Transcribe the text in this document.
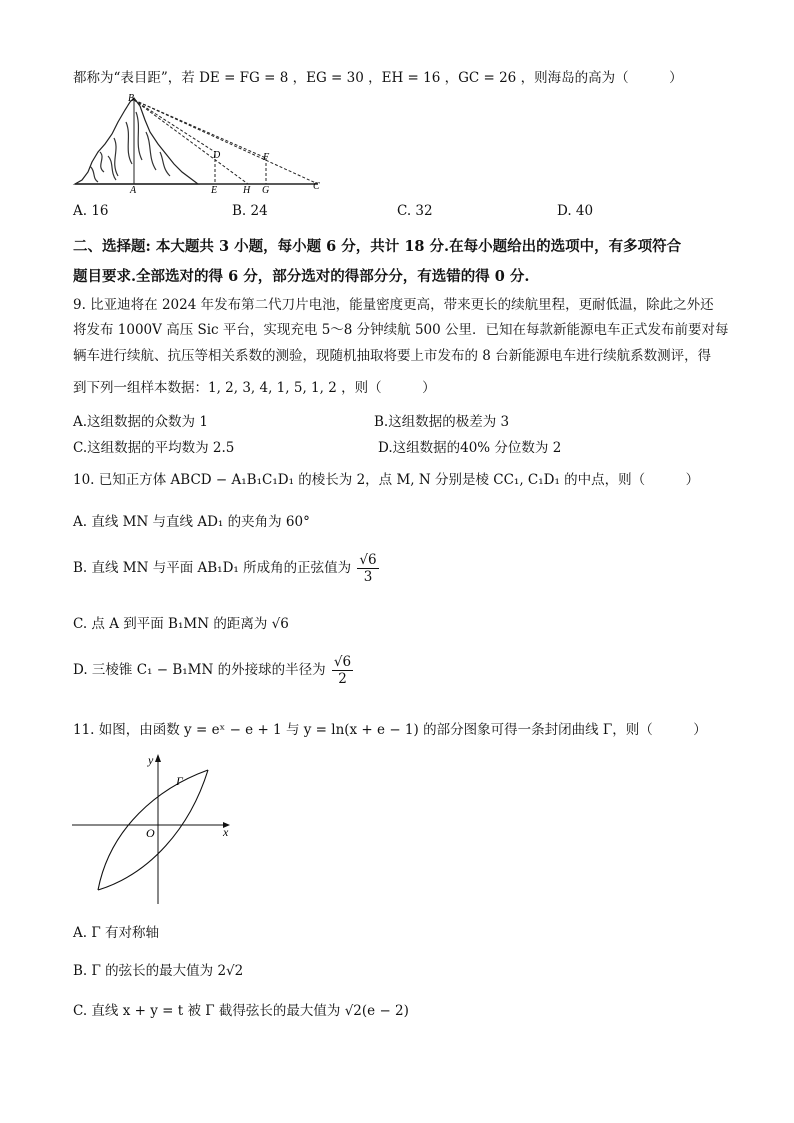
都称为“表目距”，若 DE = FG = 8 ，EG = 30 ，EH = 16 ，GC = 26 ，则海岛的高为（　　　）
B
D	F
A	E	H G	C
A. 16	B. 24	C. 32	D. 40
二、选择题: 本大题共 3 小题，每小题 6 分，共计 18 分.在每小题给出的选项中，有多项符合
题目要求.全部选对的得 6 分，部分选对的得部分分，有选错的得 0 分.
9. 比亚迪将在 2024 年发布第二代刀片电池，能量密度更高，带来更长的续航里程，更耐低温，除此之外还
将发布 1000V 高压 Sic 平台，实现充电 5～8 分钟续航 500 公里．已知在每款新能源电车正式发布前要对每
辆车进行续航、抗压等相关系数的测验，现随机抽取将要上市发布的 8 台新能源电车进行续航系数测评，得
到下列一组样本数据：1, 2, 3, 4, 1, 5, 1, 2 ，则（　　　）
A.这组数据的众数为 1	B.这组数据的极差为 3
C.这组数据的平均数为 2.5	D.这组数据的40% 分位数为 2
10. 已知正方体 ABCD − A₁B₁C₁D₁ 的棱长为 2，点 M, N 分别是棱 CC₁, C₁D₁ 的中点，则（　　　）
A. 直线 MN 与直线 AD₁ 的夹角为 60°
B. 直线 MN 与平面 AB₁D₁ 所成角的正弦值为 $\frac{√6}{3}$
C. 点 A 到平面 B₁MN 的距离为 √6
D. 三棱锥 C₁ − B₁MN 的外接球的半径为 $\frac{√6}{2}$
11. 如图，由函数 y = eˣ − e + 1 与 y = ln(x + e − 1) 的部分图象可得一条封闭曲线 Γ，则（　　　）
y
x
O
Γ
A. Γ 有对称轴
B. Γ 的弦长的最大值为 2√2
C. 直线 x + y = t 被 Γ 截得弦长的最大值为 √2(e − 2)
